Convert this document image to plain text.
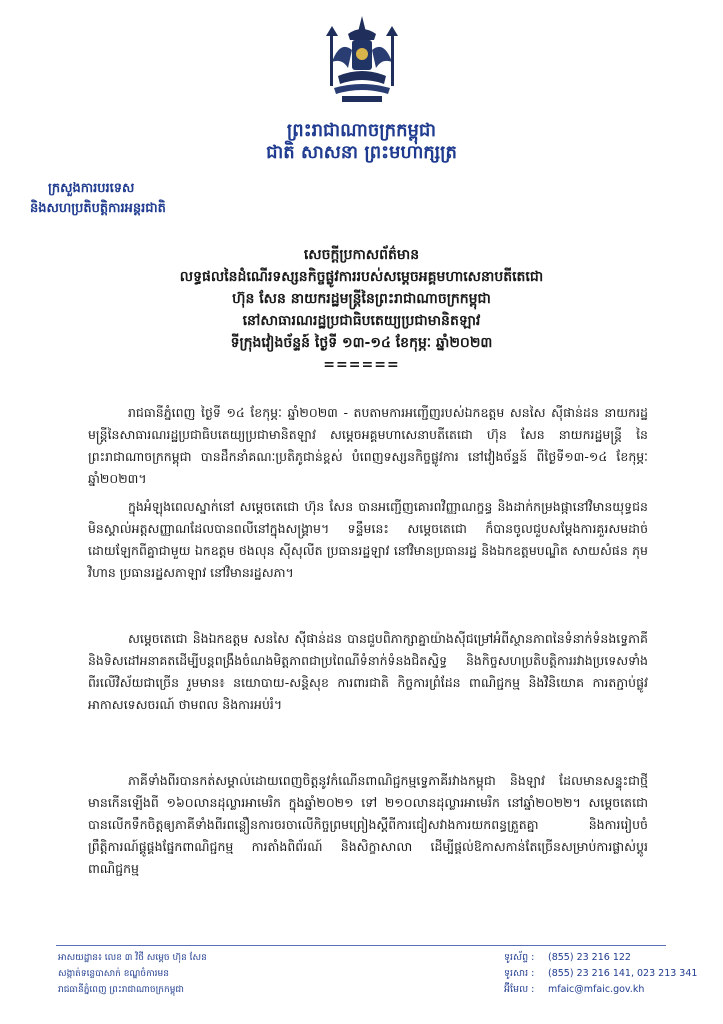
ព្រះរាជាណាចក្រកម្ពុជា
ជាតិ សាសនា ព្រះមហាក្សត្រ
ក្រសួងការបរទេស
និងសហប្រតិបត្តិការអន្តរជាតិ
សេចក្តីប្រកាសព័ត៌មាន
លទ្ធផលនៃដំណើរទស្សនកិច្ចផ្លូវការរបស់សម្តេចអគ្គមហាសេនាបតីតេជោ
ហ៊ុន សែន នាយករដ្ឋមន្ត្រីនៃព្រះរាជាណាចក្រកម្ពុជា
នៅសាធារណរដ្ឋប្រជាធិបតេយ្យប្រជាមានិតឡាវ
ទីក្រុងវៀងច័ន្ទន៍ ថ្ងៃទី ១៣-១៤ ខែកុម្ភៈ ឆ្នាំ២០២៣
======
រាជធានីភ្នំពេញ ថ្ងៃទី ១៤ ខែកុម្ភៈ ឆ្នាំ២០២៣ - តបតាមការអញ្ជើញរបស់ឯកឧត្តម សនសៃ ស៊ីផាន់ដន នាយករដ្ឋមន្ត្រីនៃសាធារណរដ្ឋប្រជាធិបតេយ្យប្រជាមានិតឡាវ សម្តេចអគ្គមហាសេនាបតីតេជោ ហ៊ុន សែន នាយករដ្ឋមន្ត្រី នៃព្រះរាជាណាចក្រកម្ពុជា បានដឹកនាំគណៈប្រតិភូជាន់ខ្ពស់ បំពេញទស្សនកិច្ចផ្លូវការ នៅវៀងច័ន្ទន៍ ពីថ្ងៃទី១៣-១៤ ខែកុម្ភៈ ឆ្នាំ២០២៣។
ក្នុងអំឡុងពេលស្នាក់នៅ សម្តេចតេជោ ហ៊ុន សែន បានអញ្ជើញគោរពវិញ្ញាណក្ខន្ធ និងដាក់កម្រងផ្កានៅវិមានយុទ្ធជនមិនស្គាល់អត្តសញ្ញាណដែលបានពលីនៅក្នុងសង្គ្រាម។ ទន្ទឹមនេះ សម្តេចតេជោ ក៏បានចូលជួបសម្តែងការគួរសមដាច់ដោយឡែកពីគ្នាជាមួយ ឯកឧត្តម ថងលុន ស៊ីសុលីត ប្រធានរដ្ឋឡាវ នៅវិមានប្រធានរដ្ឋ និងឯកឧត្តមបណ្ឌិត សាយសំផន ភុមវិហាន ប្រធានរដ្ឋសភាឡាវ នៅវិមានរដ្ឋសភា។
សម្តេចតេជោ និងឯកឧត្តម សនសៃ ស៊ីផាន់ដន បានជួបពិភាក្សាគ្នាយ៉ាងស៊ីជម្រៅអំពីស្ថានភាពនៃទំនាក់ទំនងទ្វេភាគី និងទិសដៅអនាគតដើម្បីបន្តពង្រឹងចំណងមិត្តភាពជាប្រពៃណីទំនាក់ទំនងជិតស្និទ្ធ និងកិច្ចសហប្រតិបត្តិការរវាងប្រទេសទាំងពីរលើវិស័យជាច្រើន រួមមាន៖ នយោបាយ-សន្តិសុខ ការពារជាតិ កិច្ចការព្រំដែន ពាណិជ្ជកម្ម និងវិនិយោគ ការតភ្ជាប់ផ្លូវអាកាសទេសចរណ៍ ថាមពល និងការអប់រំ។
ភាគីទាំងពីរបានកត់សម្គាល់ដោយពេញចិត្តនូវកំណើនពាណិជ្ជកម្មទ្វេភាគីរវាងកម្ពុជា និងឡាវ ដែលមានសន្ទុះជាថ្មីមានកើនឡើងពី ១៦០លានដុល្លារអាមេរិក ក្នុងឆ្នាំ២០២១ ទៅ ២១០លានដុល្លារអាមេរិក នៅឆ្នាំ២០២២។ សម្តេចតេជោ បានលើកទឹកចិត្តឲ្យភាគីទាំងពីរពន្លឿនការចរចាលើកិច្ចព្រមព្រៀងស្តីពីការជៀសវាងការយកពន្ធត្រួតគ្នា និងការរៀបចំព្រឹត្តិការណ៍ផ្គូផ្គងផ្នែកពាណិជ្ជកម្ម ការតាំងពិព័រណ៍ និងសិក្ខាសាលា ដើម្បីផ្តល់ឱកាសកាន់តែច្រើនសម្រាប់ការផ្លាស់ប្តូរពាណិជ្ជកម្ម
អាសយដ្ឋាន៖ លេខ ៣ វិថី សម្តេច ហ៊ុន សែន
សង្កាត់ទន្លេបាសាក់ ខណ្ឌចំការមន
រាជធានីភ្នំពេញ ព្រះរាជាណាចក្រកម្ពុជា
ទូរស័ព្ទ : (855) 23 216 122
ទូរសារ : (855) 23 216 141, 023 213 341
អ៊ីមែល : mfaic@mfaic.gov.kh
